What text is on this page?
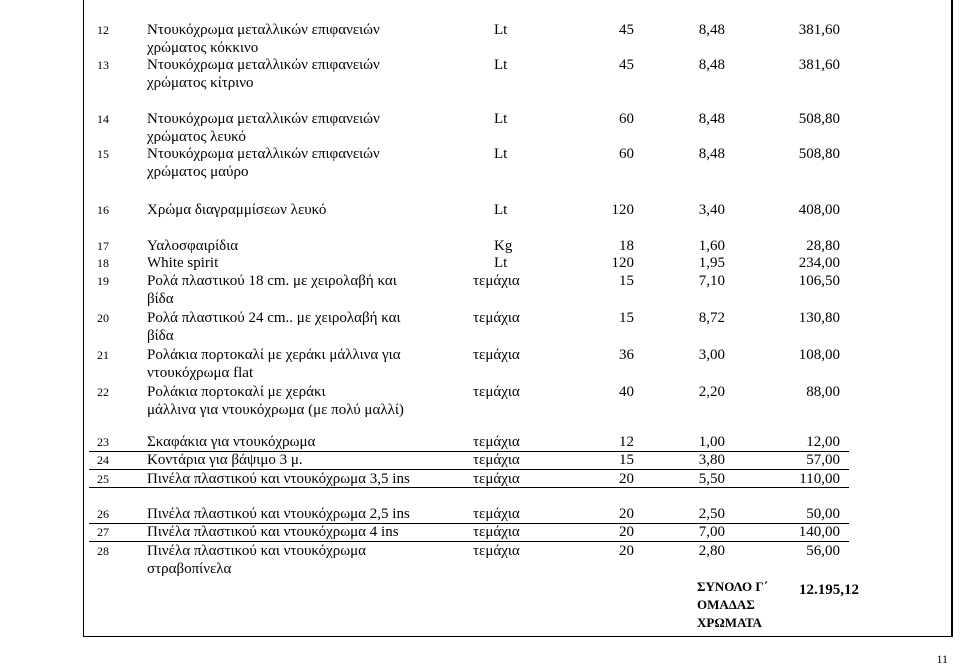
12	Ντουκόχρωμα μεταλλικών επιφανειών
χρώματος κόκκινο
Lt	45	8,48	381,60
13	Ντουκόχρωμα μεταλλικών επιφανειών
χρώματος κίτρινο
Lt	45	8,48	381,60
14	Ντουκόχρωμα μεταλλικών επιφανειών
χρώματος λευκό
Lt	60	8,48	508,80
15	Ντουκόχρωμα μεταλλικών επιφανειών
χρώματος μαύρο
Lt	60	8,48	508,80
16	Χρώμα διαγραμμίσεων λευκό	Lt	120	3,40	408,00
17	Υαλοσφαιρίδια	Kg	18	1,60	28,80
18	White spirit	Lt	120	1,95	234,00
19	Ρολά πλαστικού 18 cm. με χειρολαβή και
βίδα
τεμάχια	15	7,10	106,50
20	Ρολά πλαστικού 24 cm.. με χειρολαβή και
βίδα
τεμάχια	15	8,72	130,80
21	Ρολάκια πορτοκαλί με χεράκι μάλλινα για
ντουκόχρωμα flat
τεμάχια	36	3,00	108,00
22	Ρολάκια πορτοκαλί με χεράκι
μάλλινα για ντουκόχρωμα (με πολύ μαλλί)
τεμάχια	40	2,20	88,00
23	Σκαφάκια για ντουκόχρωμα	τεμάχια	12	1,00	12,00
24	Κοντάρια για βάψιμο 3 μ.	τεμάχια	15	3,80	57,00
25	Πινέλα πλαστικού και ντουκόχρωμα 3,5 ins	τεμάχια	20	5,50	110,00
26	Πινέλα πλαστικού και ντουκόχρωμα 2,5 ins	τεμάχια	20	2,50	50,00
27	Πινέλα πλαστικού και ντουκόχρωμα 4 ins	τεμάχια	20	7,00	140,00
28	Πινέλα πλαστικού και ντουκόχρωμα
στραβοπίνελα
τεμάχια	20	2,80	56,00
ΣΥΝΟΛΟ Γ΄
ΟΜΑΔΑΣ
ΧΡΩΜΑΤΑ
12.195,12
11
